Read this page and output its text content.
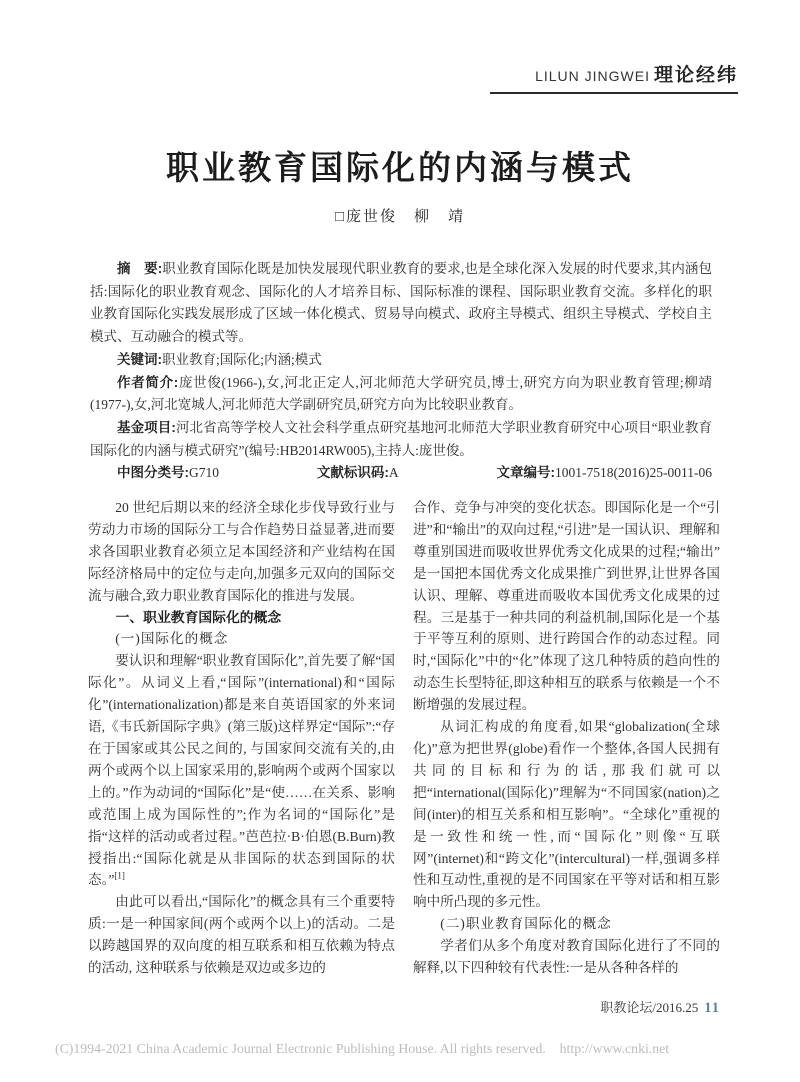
LILUN JINGWEI 理论经纬
职业教育国际化的内涵与模式
□庞世俊　柳　靖
摘　要:职业教育国际化既是加快发展现代职业教育的要求,也是全球化深入发展的时代要求,其内涵包括:国际化的职业教育观念、国际化的人才培养目标、国际标准的课程、国际职业教育交流。多样化的职业教育国际化实践发展形成了区域一体化模式、贸易导向模式、政府主导模式、组织主导模式、学校自主模式、互动融合的模式等。
关键词:职业教育;国际化;内涵;模式
作者简介:庞世俊(1966-),女,河北正定人,河北师范大学研究员,博士,研究方向为职业教育管理;柳靖(1977-),女,河北宽城人,河北师范大学副研究员,研究方向为比较职业教育。
基金项目:河北省高等学校人文社会科学重点研究基地河北师范大学职业教育研究中心项目“职业教育国际化的内涵与模式研究”(编号:HB2014RW005),主持人:庞世俊。
中图分类号:G710	文献标识码:A	文章编号:1001-7518(2016)25-0011-06

20 世纪后期以来的经济全球化步伐导致行业与劳动力市场的国际分工与合作趋势日益显著,进而要求各国职业教育必须立足本国经济和产业结构在国际经济格局中的定位与走向,加强多元双向的国际交流与融合,致力职业教育国际化的推进与发展。

一、职业教育国际化的概念

(一)国际化的概念

要认识和理解“职业教育国际化”,首先要了解“国际化”。从词义上看,“国际”(international)和“国际化”(internationalization)都是来自英语国家的外来词语,《韦氏新国际字典》(第三版)这样界定“国际”:“存在于国家或其公民之间的, 与国家间交流有关的,由两个或两个以上国家采用的,影响两个或两个国家以上的。”作为动词的“国际化”是“使……在关系、影响或范围上成为国际性的”;作为名词的“国际化”是指“这样的活动或者过程。”芭芭拉·B·伯恩(B.Burn)教授指出:“国际化就是从非国际的状态到国际的状态。”[1]

由此可以看出,“国际化”的概念具有三个重要特质:一是一种国家间(两个或两个以上)的活动。二是以跨越国界的双向度的相互联系和相互依赖为特点的活动, 这种联系与依赖是双边或多边的

合作、竞争与冲突的变化状态。即国际化是一个“引进”和“输出”的双向过程,“引进”是一国认识、理解和尊重别国进而吸收世界优秀文化成果的过程;“输出” 是一国把本国优秀文化成果推广到世界,让世界各国认识、理解、尊重进而吸收本国优秀文化成果的过程。三是基于一种共同的利益机制,国际化是一个基于平等互利的原则、进行跨国合作的动态过程。同时,“国际化”中的“化”体现了这几种特质的趋向性的动态生长型特征,即这种相互的联系与依赖是一个不断增强的发展过程。

从词汇构成的角度看,如果“globalization(全球化)”意为把世界(globe)看作一个整体,各国人民拥有共同的目标和行为的话,那我们就可以把“international(国际化)”理解为“不同国家(nation)之间(inter)的相互关系和相互影响”。“全球化”重视的是一致性和统一性,而“国际化”则像“互联网”(internet)和“跨文化”(intercultural)一样,强调多样性和互动性,重视的是不同国家在平等对话和相互影响中所凸现的多元性。

(二)职业教育国际化的概念

学者们从多个角度对教育国际化进行了不同的解释,以下四种较有代表性:一是从各种各样的

职教论坛/2016.25 11
(C)1994-2021 China Academic Journal Electronic Publishing House. All rights reserved.    http://www.cnki.net
